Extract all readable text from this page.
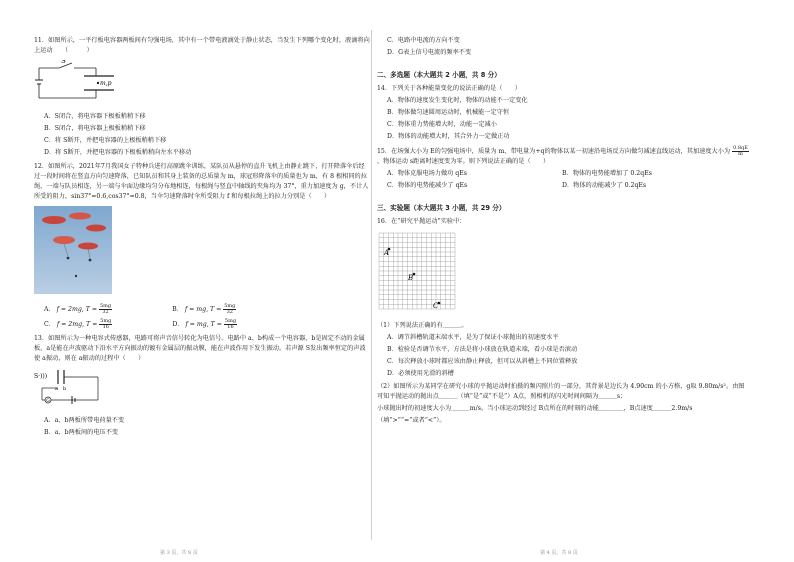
11．如图所示，一平行板电容器两板间有匀强电场，其中有一个带电液滴处于静止状态，当发生下列哪个变化时，液滴将向上运动　　（　　　）

S
m,p

A．S闭合，将电容器下极板稍稍下移

B．S闭合，将电容器上极板稍稍下移

C．将 S断开，并把电容器的上极板稍稍下移

D．将 S断开，并把电容器的下极板稍稍向左水平移动

12．如图所示，2021年7月我国女子特种兵进行高原跳伞训练，某队员从悬停的直升飞机上由静止跳下，打开降落伞后经过一段时间将在竖直方向匀速降落，已知队员和其身上装备的总质量为 m，球冠形降落伞的质量也为 m，有 8 根相同的拉绳，一端与队员相连，另一端与伞面边缘均匀分布地相连，每根绳与竖直中轴线的夹角均为 37°，重力加速度为 g，不计人所受的阻力，sin37°=0.6,cos37°=0.8，当伞匀速降落时伞所受阻力 f 和每根拉绳上的拉力分别是（　　）

A． f = 2mg, $T = \frac{5mg}{32}$	B． f = mg, $T = \frac{5mg}{32}$
C． f = 2mg, $T = \frac{5mg}{16}$	D． f = mg, $T = \frac{5mg}{16}$

13．如图所示为一种电容式传感器，电路可将声音信号转化为电信号。电路中 a、b构成一个电容器，b是固定不动的金属板，a是能在声波驱动下沿水平方向振动的镀有金属层的振动膜，能在声波作用下发生振动。若声源 S发出频率恒定的声波使 a振动，则在 a振动的过程中（　　）

S·)))
a b
G

A．a、b两板所带电荷量不变

B．a、b两板间的电压不变

C．电路中电流的方向不变

D．G表上信号电流的频率不变

二、多选题（本大题共 2 小题，共 8 分）

14．下列关于各种能量变化的说法正确的是（　　）

A．物体的速度发生变化时，物体的动能不一定变化

B．物体做匀速圆周运动时，机械能一定守恒

C．物体重力势能增大时，动能一定减小

D．物体的动能增大时，其合外力一定做正功

15．在场强大小为 E的匀强电场中，质量为 m、带电量为+q的物体以某一初速沿电场反方向做匀减速直线运动，其加速度大小为 $\frac{0.8qE}{m}$
，物体运动 s距离时速度变为零。则下列说法正确的是（　　）

A．物体克服电场力做功 qEs	B．物体的电势能增加了 0.2qEs

C．物体的电势能减少了 qEs	D．物体的动能减少了 0.2qEs

三、实验题（本大题共 3 小题，共 29 分）

16．在“研究平抛运动”实验中：

A
B
C

（1）下列说法正确的有＿＿＿。

A．调节斜槽轨道末端水平，是为了保证小球抛出的初速度水平

B．检验是否调节水平，方法是将小球放在轨道末端，看小球是否滚动

C．每次释放小球时都应该由静止释放，但可以从斜槽上不同位置释放

D．必须使用光滑的斜槽

（2）如图所示为某同学在研究小球的平抛运动时拍摄的频闪照片的一部分，其背景是边长为 4.90cm 的小方格，g取 9.80m/s²。由图可知平抛运动的抛出点＿＿＿（填“是”或“不是”）A点，照相机的闪光时间间隔为＿＿＿s；

小球抛出时的初速度大小为＿＿＿m/s。当小球运动到经过 B点所在的时刻的动能＿＿＿＿，B点速度＿＿＿2.9m/s

（填“>”“=”或者“<”）。

第 3 页，共 8 页	第 4 页，共 8 页
